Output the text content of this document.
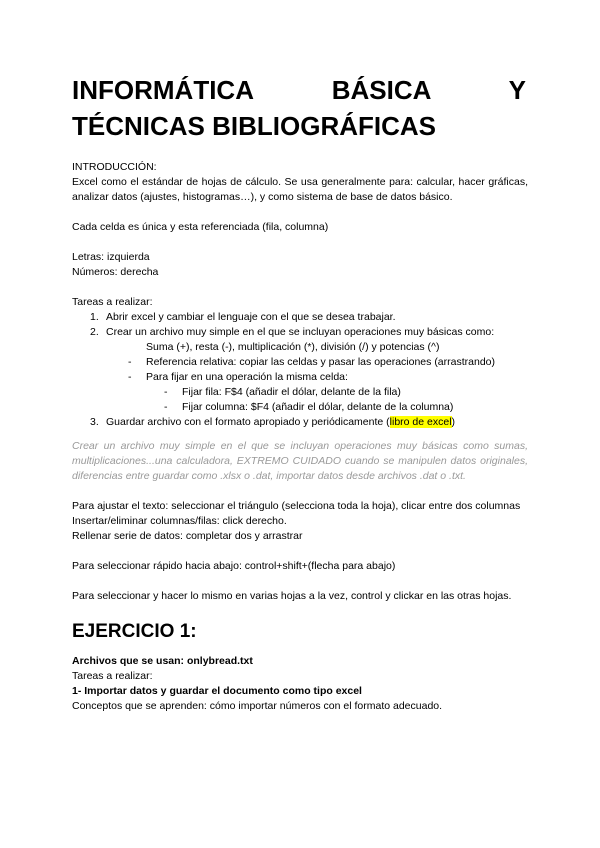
INFORMÁTICA	BÁSICA	Y
TÉCNICAS BIBLIOGRÁFICAS

INTRODUCCIÓN:

Excel como el estándar de hojas de cálculo. Se usa generalmente para: calcular, hacer gráficas, analizar datos (ajustes, histogramas…), y como sistema de base de datos básico.

Cada celda es única y esta referenciada (fila, columna)

Letras: izquierda

Números: derecha

Tareas a realizar:

1. Abrir excel y cambiar el lenguaje con el que se desea trabajar.
2. Crear un archivo muy simple en el que se incluyan operaciones muy básicas como:
Suma (+), resta (-), multiplicación (*), división (/) y potencias (^)
- Referencia relativa: copiar las celdas y pasar las operaciones (arrastrando)
- Para fijar en una operación la misma celda:
- Fijar fila: F$4 (añadir el dólar, delante de la fila)
- Fijar columna: $F4 (añadir el dólar, delante de la columna)
3. Guardar archivo con el formato apropiado y periódicamente (libro de excel)

Crear un archivo muy simple en el que se incluyan operaciones muy básicas como sumas, multiplicaciones...una calculadora, EXTREMO CUIDADO cuando se manipulen datos originales, diferencias entre guardar como .xlsx o .dat, importar datos desde archivos .dat o .txt.

Para ajustar el texto: seleccionar el triángulo (selecciona toda la hoja), clicar entre dos columnas

Insertar/eliminar columnas/filas: click derecho.

Rellenar serie de datos: completar dos y arrastrar

Para seleccionar rápido hacia abajo: control+shift+(flecha para abajo)

Para seleccionar y hacer lo mismo en varias hojas a la vez, control y clickar en las otras hojas.

EJERCICIO 1:

Archivos que se usan: onlybread.txt

Tareas a realizar:

1- Importar datos y guardar el documento como tipo excel

Conceptos que se aprenden: cómo importar números con el formato adecuado.
